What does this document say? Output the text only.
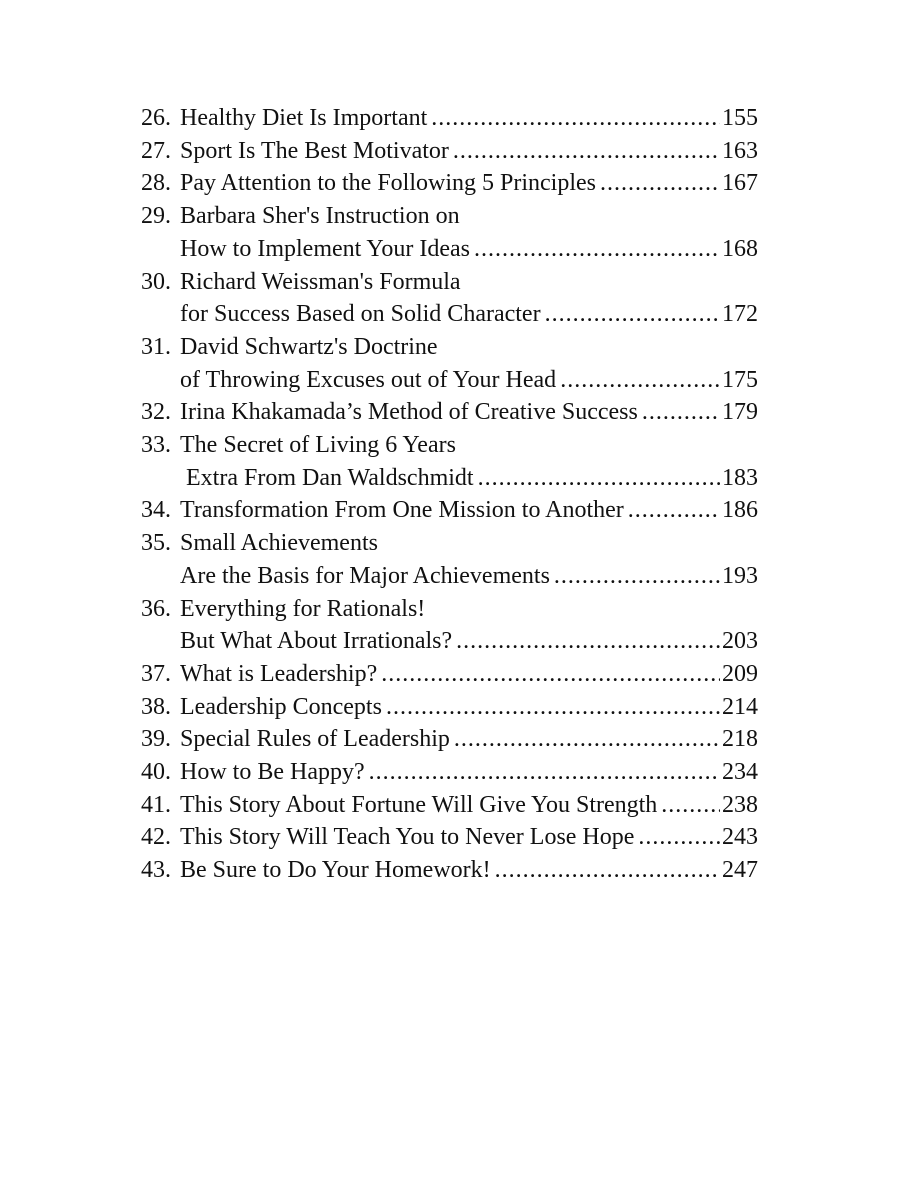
26. Healthy Diet Is Important .....	155
27. Sport Is The Best Motivator .....	163
28. Pay Attention to the Following 5 Principles .....	167
29. Barbara Sher's Instruction on
How to Implement Your Ideas .....	168
30. Richard Weissman's Formula
for Success Based on Solid Character .....	172
31. David Schwartz's Doctrine
of Throwing Excuses out of Your Head .....	175
32. Irina Khakamada’s Method of Creative Success .....	179
33. The Secret of Living 6 Years
Extra From Dan Waldschmidt .....	183
34. Transformation From One Mission to Another .....	186
35. Small Achievements
Are the Basis for Major Achievements .....	193
36. Everything for Rationals!
But What About Irrationals? .....	203
37. What is Leadership? .....	209
38. Leadership Concepts .....	214
39. Special Rules of Leadership .....	218
40. How to Be Happy? .....	234
41. This Story About Fortune Will Give You Strength .....	238
42. This Story Will Teach You to Never Lose Hope .....	243
43. Be Sure to Do Your Homework! .....	247
